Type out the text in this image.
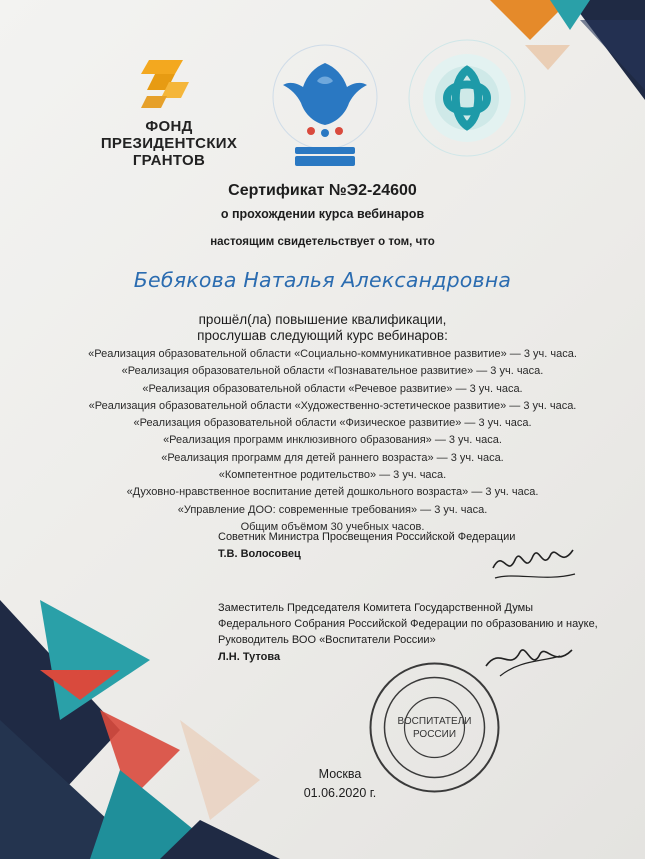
ФОНД
ПРЕЗИДЕНТСКИХ
ГРАНТОВ
Сертификат №Э2-24600
о прохождении курса вебинаров
настоящим свидетельствует о том, что
Бебякова Наталья Александровна
прошёл(ла) повышение квалификации,
прослушав следующий курс вебинаров:
«Реализация образовательной области «Социально-коммуникативное развитие» — 3 уч. часа.
«Реализация образовательной области «Познавательное развитие» — 3 уч. часа.
«Реализация образовательной области «Речевое развитие» — 3 уч. часа.
«Реализация образовательной области «Художественно-эстетическое развитие» — 3 уч. часа.
«Реализация образовательной области «Физическое развитие» — 3 уч. часа.
«Реализация программ инклюзивного образования» — 3 уч. часа.
«Реализация программ для детей раннего возраста» — 3 уч. часа.
«Компетентное родительство» — 3 уч. часа.
«Духовно-нравственное воспитание детей дошкольного возраста» — 3 уч. часа.
«Управление ДОО: современные требования» — 3 уч. часа.
Общим объёмом 30 учебных часов.
Советник Министра Просвещения Российской Федерации
Т.В. Волосовец
Заместитель Председателя Комитета Государственной Думы
Федерального Собрания Российской Федерации по образованию и науке,
Руководитель ВОО «Воспитатели России»
Л.Н. Тутова
ВОСПИТАТЕЛИ
РОССИИ
Москва
01.06.2020 г.
